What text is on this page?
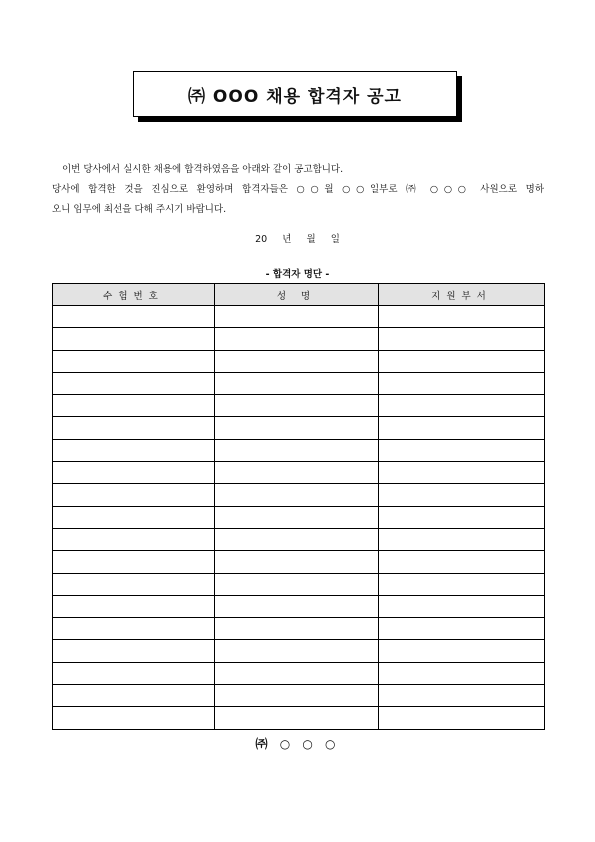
㈜ OOO 채용 합격자 공고

이번 당사에서 실시한 채용에 합격하였음을 아래와 같이 공고합니다.

당사에 합격한 것을 진심으로 환영하며 합격자들은 ○○월 ○○일부로 ㈜ ○○○ 사원으로 명하

오니 임무에 최선을 다해 주시기 바랍니다.

20 년 월 일
- 합격자 명단 -
수험번호	성 명	지원부서

㈜ ○ ○ ○
